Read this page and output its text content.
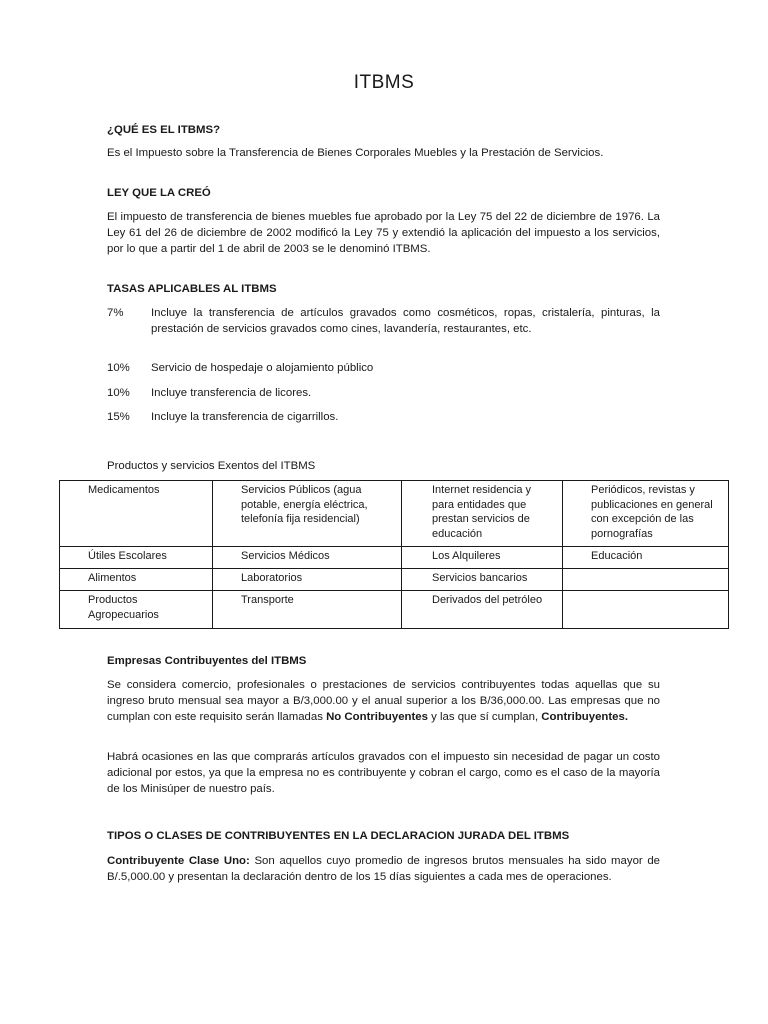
ITBMS
¿QUÉ ES EL ITBMS?
Es el Impuesto sobre la Transferencia de Bienes Corporales Muebles y la Prestación de Servicios.
LEY QUE LA CREÓ
El impuesto de transferencia de bienes muebles fue aprobado por la Ley 75 del 22 de diciembre de 1976. La Ley 61 del 26 de diciembre de 2002 modificó la Ley 75 y extendió la aplicación del impuesto a los servicios, por lo que a partir del 1 de abril de 2003 se le denominó ITBMS.
TASAS APLICABLES AL ITBMS
7%	Incluye la transferencia de artículos gravados como cosméticos, ropas, cristalería, pinturas, la prestación de servicios gravados como cines, lavandería, restaurantes, etc.
10%	Servicio de hospedaje o alojamiento público
10%	Incluye transferencia de licores.
15%	Incluye la transferencia de cigarrillos.
Productos y servicios Exentos del ITBMS
Medicamentos	Servicios Públicos (agua potable, energía eléctrica, telefonía fija residencial)	Internet residencia y para entidades que prestan servicios de educación	Periódicos, revistas y publicaciones en general con excepción de las pornografías
Útiles Escolares	Servicios Médicos	Los Alquileres	Educación
Alimentos	Laboratorios	Servicios bancarios	
Productos Agropecuarios	Transporte	Derivados del petróleo	
Empresas Contribuyentes del ITBMS
Se considera comercio, profesionales o prestaciones de servicios contribuyentes todas aquellas que su ingreso bruto mensual sea mayor a B/3,000.00 y el anual superior a los B/36,000.00. Las empresas que no cumplan con este requisito serán llamadas No Contribuyentes y las que sí cumplan, Contribuyentes.
Habrá ocasiones en las que comprarás artículos gravados con el impuesto sin necesidad de pagar un costo adicional por estos, ya que la empresa no es contribuyente y cobran el cargo, como es el caso de la mayoría de los Minisúper de nuestro país.
TIPOS O CLASES DE CONTRIBUYENTES EN LA DECLARACION JURADA DEL ITBMS
Contribuyente Clase Uno: Son aquellos cuyo promedio de ingresos brutos mensuales ha sido mayor de B/.5,000.00 y presentan la declaración dentro de los 15 días siguientes a cada mes de operaciones.
